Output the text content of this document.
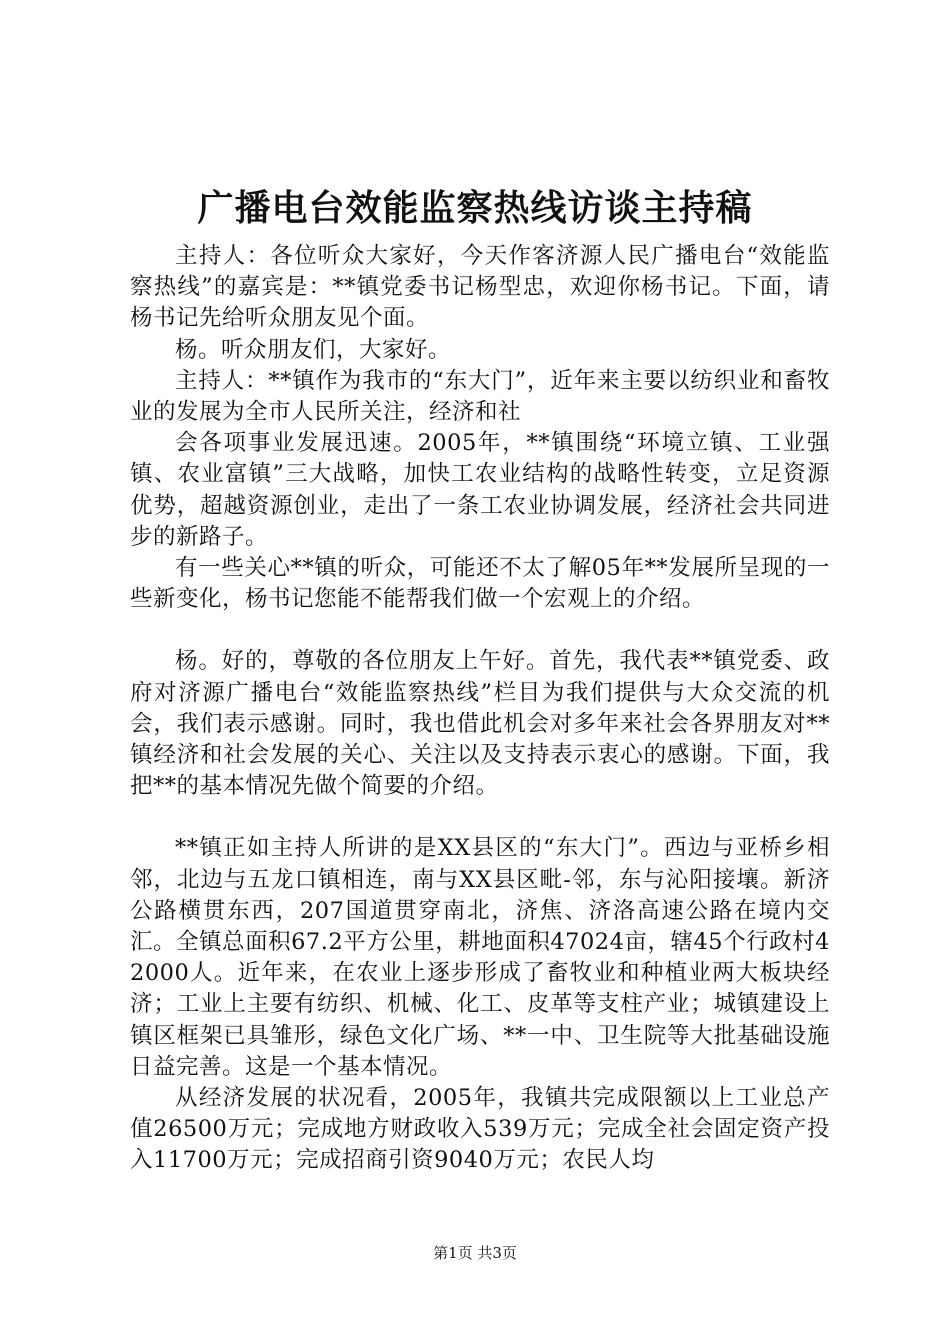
广播电台效能监察热线访谈主持稿

主持人：各位听众大家好，今天作客济源人民广播电台“效能监察热线”的嘉宾是：**镇党委书记杨型忠，欢迎你杨书记。下面，请杨书记先给听众朋友见个面。

杨。听众朋友们，大家好。

主持人：**镇作为我市的“东大门”，近年来主要以纺织业和畜牧业的发展为全市人民所关注，经济和社

会各项事业发展迅速。2005年，**镇围绕“环境立镇、工业强镇、农业富镇”三大战略，加快工农业结构的战略性转变，立足资源优势，超越资源创业，走出了一条工农业协调发展，经济社会共同进步的新路子。

有一些关心**镇的听众，可能还不太了解05年**发展所呈现的一些新变化，杨书记您能不能帮我们做一个宏观上的介绍。

杨。好的，尊敬的各位朋友上午好。首先，我代表**镇党委、政府对济源广播电台“效能监察热线”栏目为我们提供与大众交流的机会，我们表示感谢。同时，我也借此机会对多年来社会各界朋友对**镇经济和社会发展的关心、关注以及支持表示衷心的感谢。下面，我把**的基本情况先做个简要的介绍。

**镇正如主持人所讲的是XX县区的“东大门”。西边与亚桥乡相邻，北边与五龙口镇相连，南与XX县区毗-邻，东与沁阳接壤。新济公路横贯东西，207国道贯穿南北，济焦、济洛高速公路在境内交汇。全镇总面积67.2平方公里，耕地面积47024亩，辖45个行政村42000人。近年来，在农业上逐步形成了畜牧业和种植业两大板块经济；工业上主要有纺织、机械、化工、皮革等支柱产业；城镇建设上镇区框架已具雏形，绿色文化广场、**一中、卫生院等大批基础设施日益完善。这是一个基本情况。

从经济发展的状况看，2005年，我镇共完成限额以上工业总产值26500万元；完成地方财政收入539万元；完成全社会固定资产投入11700万元；完成招商引资9040万元；农民人均

第1页 共3页
